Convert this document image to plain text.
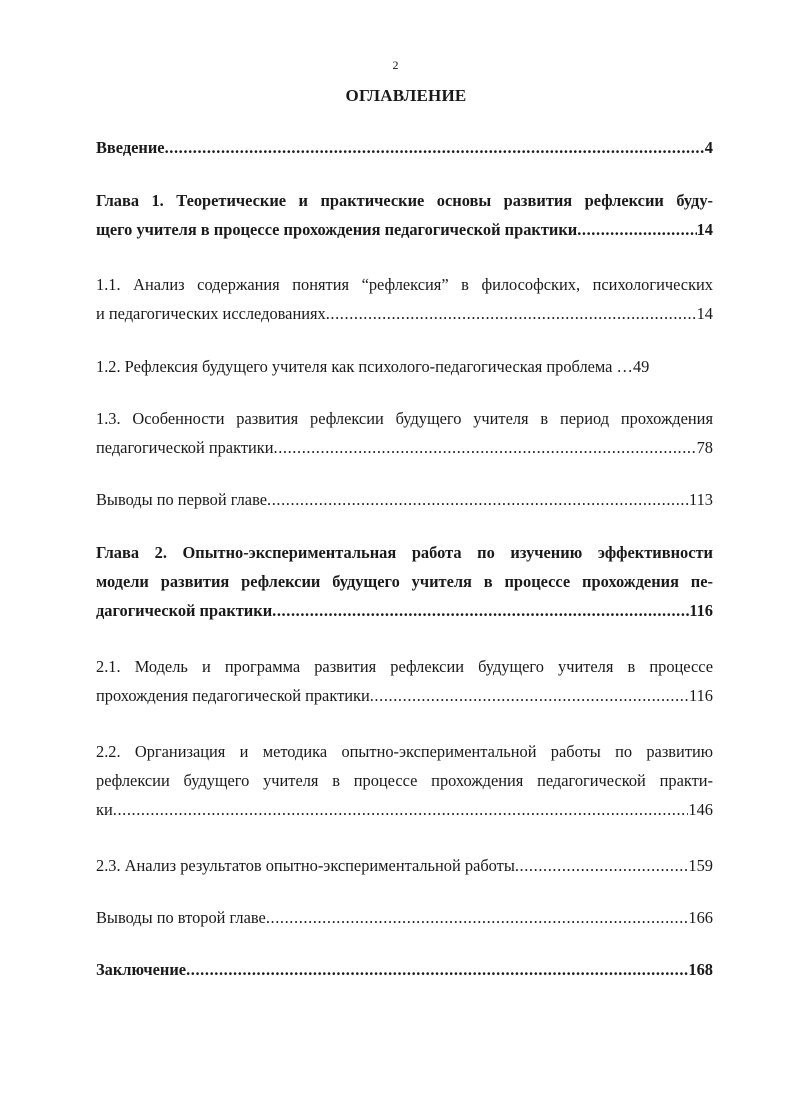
2
ОГЛАВЛЕНИЕ
Введение .....	4
Глава 1. Теоретические и практические основы развития рефлексии буду-
щего учителя в процессе прохождения педагогической практики .....	14
1.1. Анализ содержания понятия “рефлексия” в философских, психологических
и педагогических исследованиях .....	14
1.2. Рефлексия будущего учителя как психолого-педагогическая проблема … 49
1.3. Особенности развития рефлексии будущего учителя в период прохождения
педагогической практики .....	78
Выводы по первой главе .....	113
Глава 2. Опытно-экспериментальная работа по изучению эффективности
модели развития рефлексии будущего учителя в процессе прохождения пе-
дагогической практики .....	116
2.1. Модель и программа развития рефлексии будущего учителя в процессе
прохождения педагогической практики .....	116
2.2. Организация и методика опытно-экспериментальной работы по развитию
рефлексии будущего учителя в процессе прохождения педагогической практи-
ки .....	146
2.3. Анализ результатов опытно-экспериментальной работы .....	159
Выводы по второй главе .....	166
Заключение .....	168
